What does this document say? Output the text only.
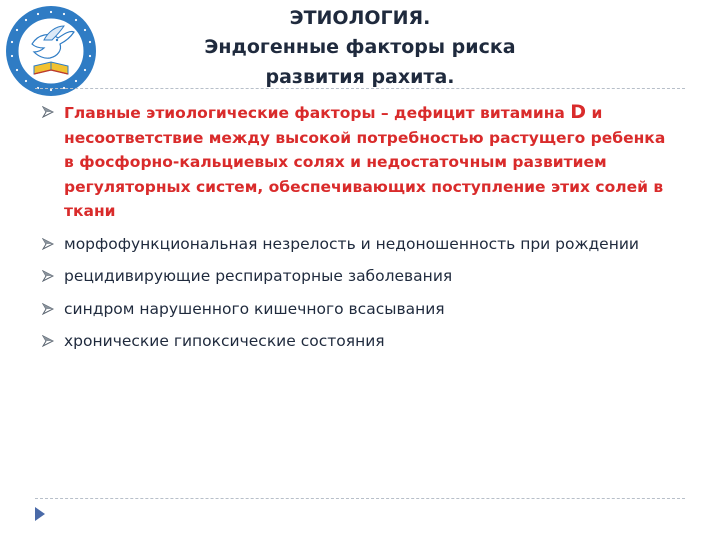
ЭТИОЛОГИЯ.
Эндогенные факторы риска
развития рахита.
Главные этиологические факторы – дефицит витамина D и несоответствие между высокой потребностью растущего ребенка в фосфорно-кальциевых солях и недостаточным развитием регуляторных систем, обеспечивающих поступление этих солей в ткани
морфофункциональная незрелость и недоношенность при рождении
рецидивирующие респираторные заболевания
синдром нарушенного кишечного всасывания
хронические гипоксические состояния
